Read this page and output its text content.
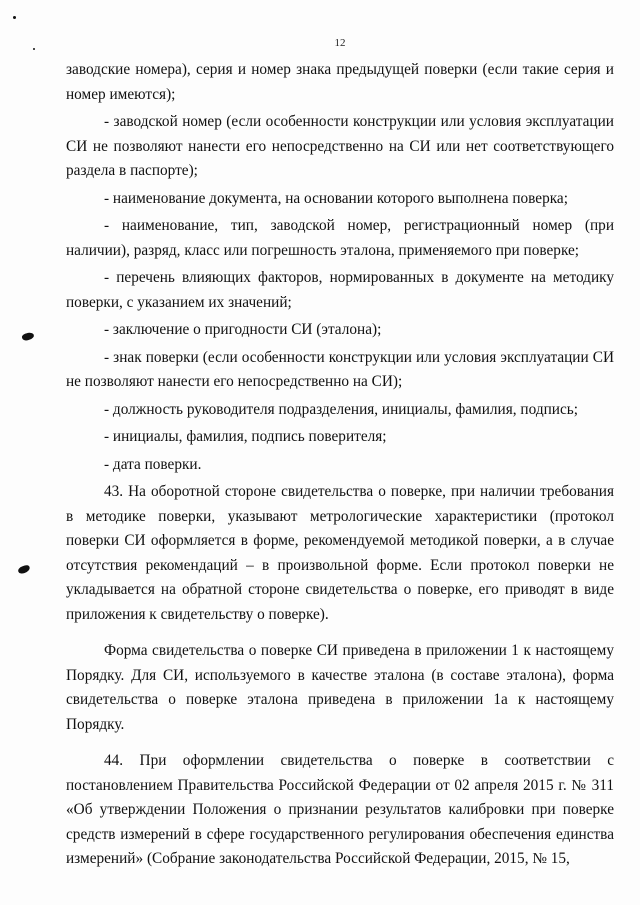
12

заводские номера), серия и номер знака предыдущей поверки (если такие серия и номер имеются);

- заводской номер (если особенности конструкции или условия эксплуатации СИ не позволяют нанести его непосредственно на СИ или нет соответствующего раздела в паспорте);

- наименование документа, на основании которого выполнена поверка;

- наименование, тип, заводской номер, регистрационный номер (при наличии), разряд, класс или погрешность эталона, применяемого при поверке;

- перечень влияющих факторов, нормированных в документе на методику поверки, с указанием их значений;

- заключение о пригодности СИ (эталона);

- знак поверки (если особенности конструкции или условия эксплуатации СИ не позволяют нанести его непосредственно на СИ);

- должность руководителя подразделения, инициалы, фамилия, подпись;

- инициалы, фамилия, подпись поверителя;

- дата поверки.

43. На оборотной стороне свидетельства о поверке, при наличии требования в методике поверки, указывают метрологические характеристики (протокол поверки СИ оформляется в форме, рекомендуемой методикой поверки, а в случае отсутствия рекомендаций – в произвольной форме. Если протокол поверки не укладывается на обратной стороне свидетельства о поверке, его приводят в виде приложения к свидетельству о поверке).

Форма свидетельства о поверке СИ приведена в приложении 1 к настоящему Порядку. Для СИ, используемого в качестве эталона (в составе эталона), форма свидетельства о поверке эталона приведена в приложении 1а к настоящему Порядку.

44. При оформлении свидетельства о поверке в соответствии с постановлением Правительства Российской Федерации от 02 апреля 2015 г. № 311 «Об утверждении Положения о признании результатов калибровки при поверке средств измерений в сфере государственного регулирования обеспечения единства измерений» (Собрание законодательства Российской Федерации, 2015, № 15,
